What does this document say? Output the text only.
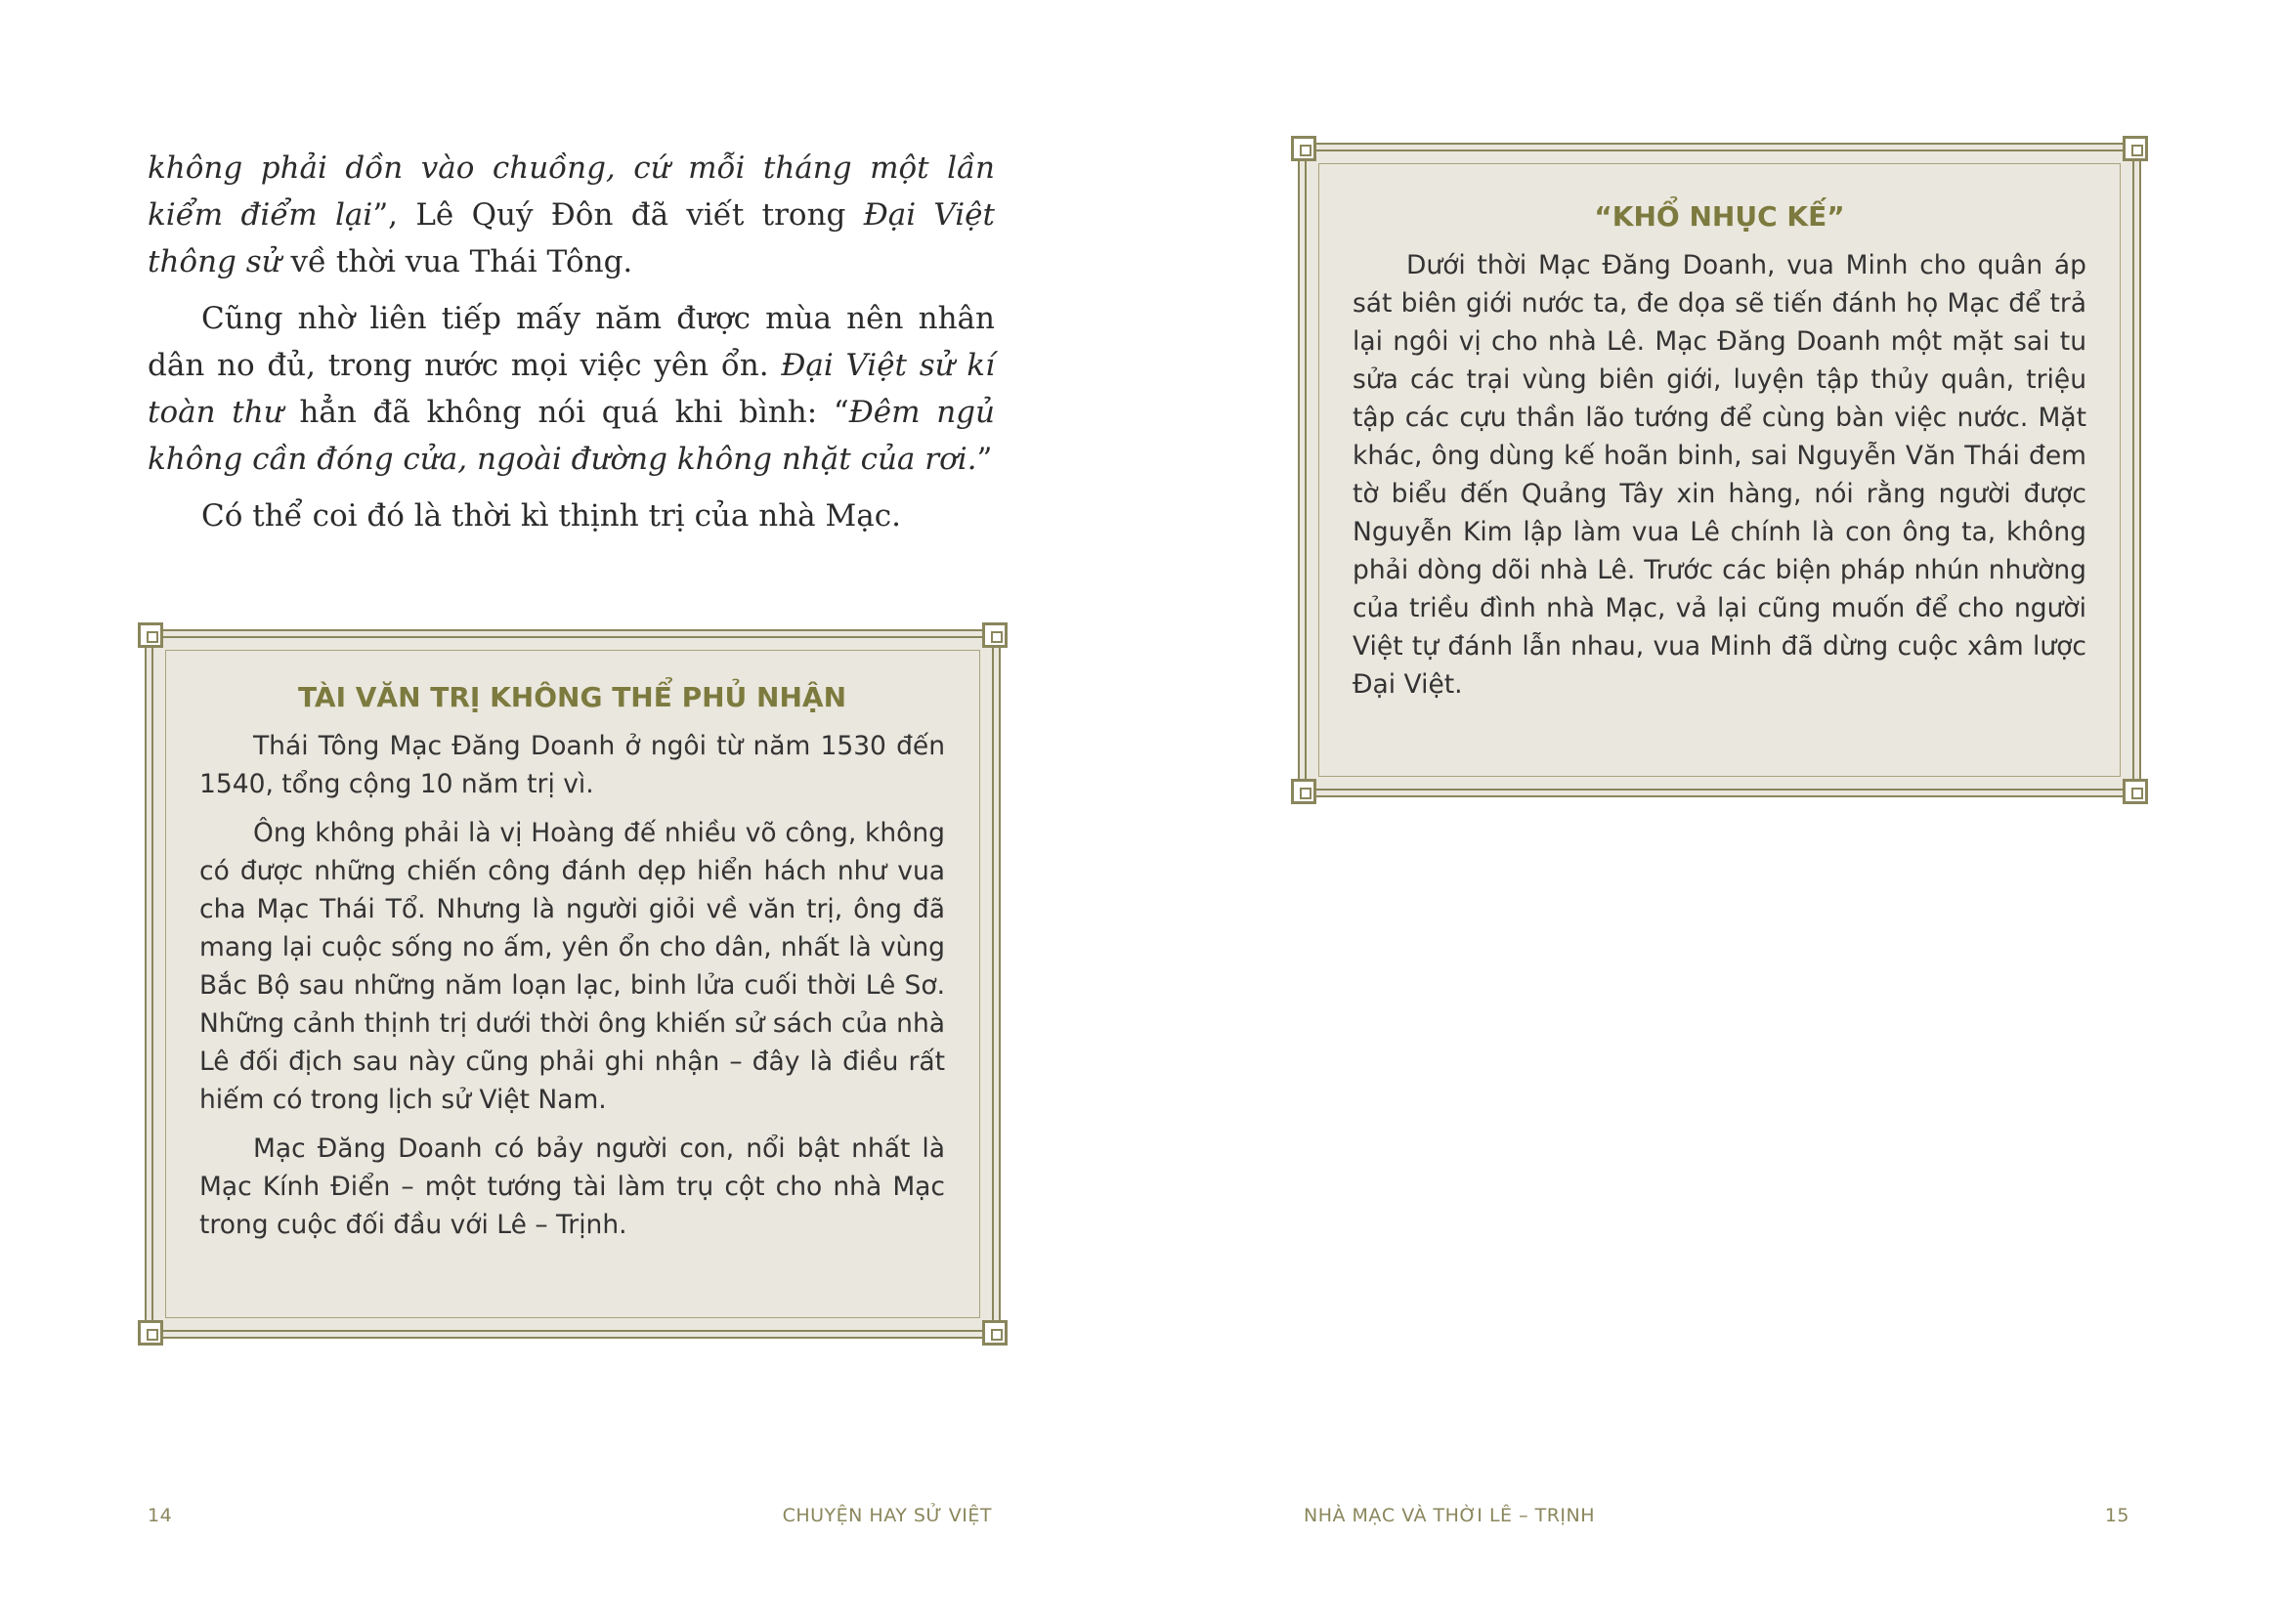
không phải dồn vào chuồng, cứ mỗi tháng một lần kiểm điểm lại”, Lê Quý Đôn đã viết trong Đại Việt thông sử về thời vua Thái Tông.

Cũng nhờ liên tiếp mấy năm được mùa nên nhân dân no đủ, trong nước mọi việc yên ổn. Đại Việt sử kí toàn thư hẳn đã không nói quá khi bình: “Đêm ngủ không cần đóng cửa, ngoài đường không nhặt của rơi.”

Có thể coi đó là thời kì thịnh trị của nhà Mạc.

TÀI VĂN TRỊ KHÔNG THỂ PHỦ NHẬN

Thái Tông Mạc Đăng Doanh ở ngôi từ năm 1530 đến 1540, tổng cộng 10 năm trị vì.

Ông không phải là vị Hoàng đế nhiều võ công, không có được những chiến công đánh dẹp hiển hách như vua cha Mạc Thái Tổ. Nhưng là người giỏi về văn trị, ông đã mang lại cuộc sống no ấm, yên ổn cho dân, nhất là vùng Bắc Bộ sau những năm loạn lạc, binh lửa cuối thời Lê Sơ. Những cảnh thịnh trị dưới thời ông khiến sử sách của nhà Lê đối địch sau này cũng phải ghi nhận – đây là điều rất hiếm có trong lịch sử Việt Nam.

Mạc Đăng Doanh có bảy người con, nổi bật nhất là Mạc Kính Điển – một tướng tài làm trụ cột cho nhà Mạc trong cuộc đối đầu với Lê – Trịnh.

14	CHUYỆN HAY SỬ VIỆT
“KHỔ NHỤC KẾ”

Dưới thời Mạc Đăng Doanh, vua Minh cho quân áp sát biên giới nước ta, đe dọa sẽ tiến đánh họ Mạc để trả lại ngôi vị cho nhà Lê. Mạc Đăng Doanh một mặt sai tu sửa các trại vùng biên giới, luyện tập thủy quân, triệu tập các cựu thần lão tướng để cùng bàn việc nước. Mặt khác, ông dùng kế hoãn binh, sai Nguyễn Văn Thái đem tờ biểu đến Quảng Tây xin hàng, nói rằng người được Nguyễn Kim lập làm vua Lê chính là con ông ta, không phải dòng dõi nhà Lê. Trước các biện pháp nhún nhường của triều đình nhà Mạc, vả lại cũng muốn để cho người Việt tự đánh lẫn nhau, vua Minh đã dừng cuộc xâm lược Đại Việt.

NHÀ MẠC VÀ THỜI LÊ – TRỊNH	15
